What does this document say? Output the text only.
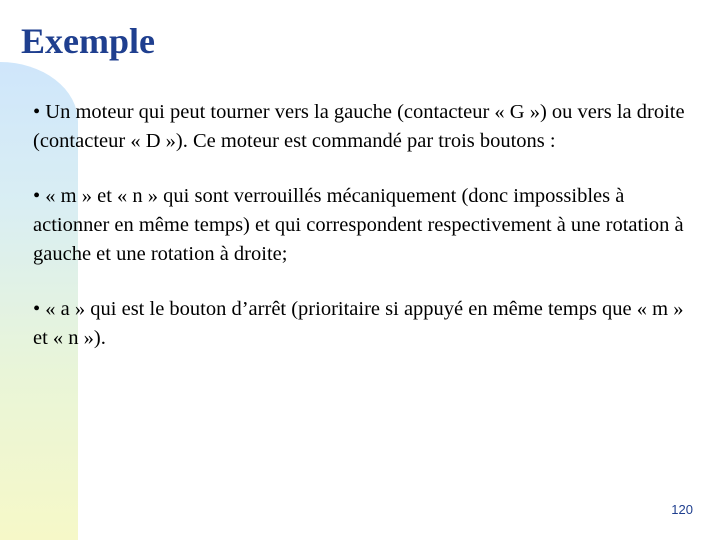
Exemple

• Un moteur qui peut tourner vers la gauche (contacteur « G ») ou vers la droite (contacteur « D »). Ce moteur est commandé par trois boutons :

• « m » et « n » qui sont verrouillés mécaniquement (donc impossibles à actionner en même temps) et qui correspondent respectivement à une rotation à gauche et une rotation à droite;

• « a » qui est le bouton d’arrêt (prioritaire si appuyé en même temps que « m » et « n »).

120
